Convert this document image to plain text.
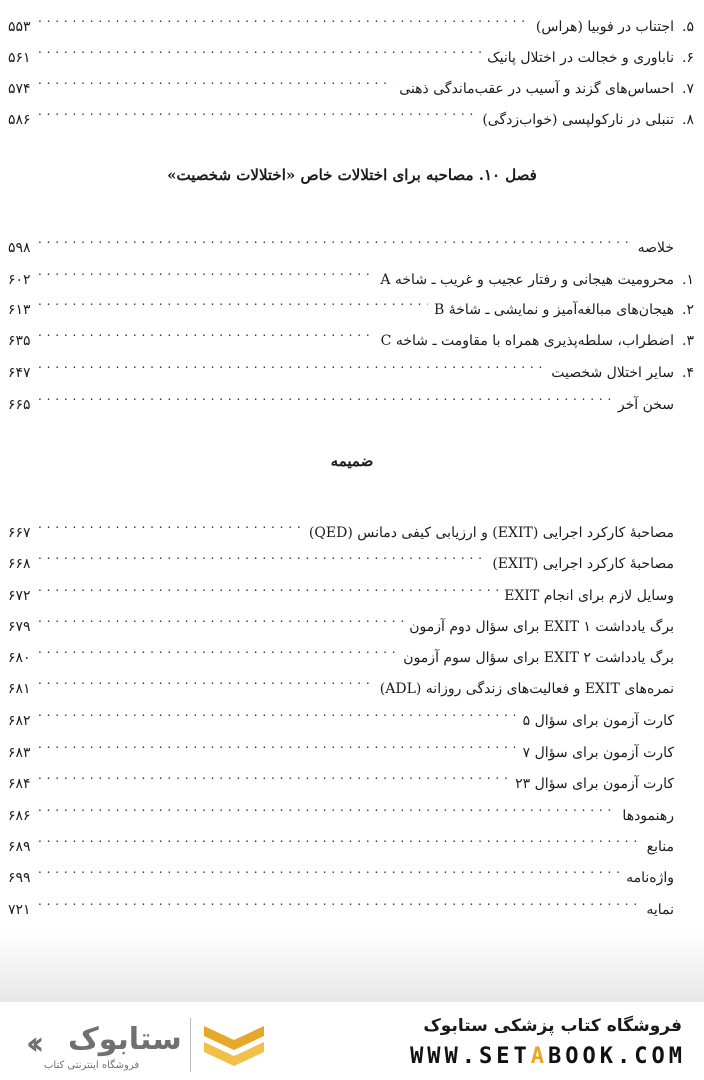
۵.
اجتناب در فوبیا (هراس)
. . .
۵۵۳
۶.
ناباوری و خجالت در اختلال پانیک
. . .
۵۶۱
۷.
احساس‌های گزند و آسیب در عقب‌ماندگی ذهنی
. . .
۵۷۴
۸.
تنبلی در نارکولپسی (خواب‌زدگی)
. . .
۵۸۶
فصل ۱۰. مصاحبه برای اختلالات خاص «اختلالات شخصیت»
خلاصه
. . .
۵۹۸
۱.
محرومیت هیجانی و رفتار عجیب و غریب ـ شاخه A
. . .
۶۰۲
۲.
هیجان‌های مبالغه‌آمیز و نمایشی ـ شاخهٔ B
. . .
۶۱۳
۳.
اضطراب، سلطه‌پذیری همراه با مقاومت ـ شاخه C
. . .
۶۳۵
۴.
سایر اختلال شخصیت
. . .
۶۴۷
سخن آخر
. . .
۶۶۵
ضمیمه
مصاحبهٔ کارکرد اجرایی (EXIT) و ارزیابی کیفی دمانس (QED)
. . .
۶۶۷
مصاحبهٔ کارکرد اجرایی (EXIT)
. . .
۶۶۸
وسایل لازم برای انجام EXIT
. . .
۶۷۲
برگ یادداشت ۱ EXIT برای سؤال دوم آزمون
. . .
۶۷۹
برگ یادداشت ۲ EXIT برای سؤال سوم آزمون
. . .
۶۸۰
نمره‌های EXIT و فعالیت‌های زندگی روزانه (ADL)
. . .
۶۸۱
کارت آزمون برای سؤال ۵
. . .
۶۸۲
کارت آزمون برای سؤال ۷
. . .
۶۸۳
کارت آزمون برای سؤال ۲۳
. . .
۶۸۴
رهنمودها
. . .
۶۸۶
منابع
. . .
۶۸۹
واژه‌نامه
. . .
۶۹۹
نمایه
. . .
۷۲۱
فروشگاه کتاب پزشکی ستابوک
WWW.SETABOOK.COM
‹‹ ستابوک
فروشگاه اینترنتی کتاب
